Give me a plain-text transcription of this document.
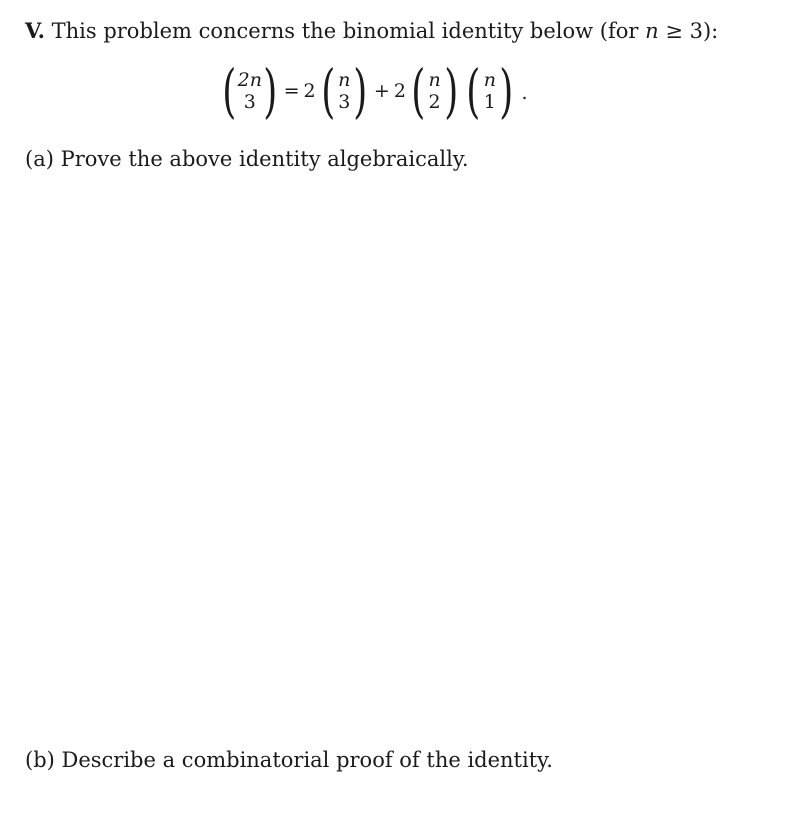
V. This problem concerns the binomial identity below (for n ≥ 3):
( 2n
3 ) = 2 ( n
3 ) + 2 ( n
2 ) ( n
1 ) .
(a) Prove the above identity algebraically.
(b) Describe a combinatorial proof of the identity.
